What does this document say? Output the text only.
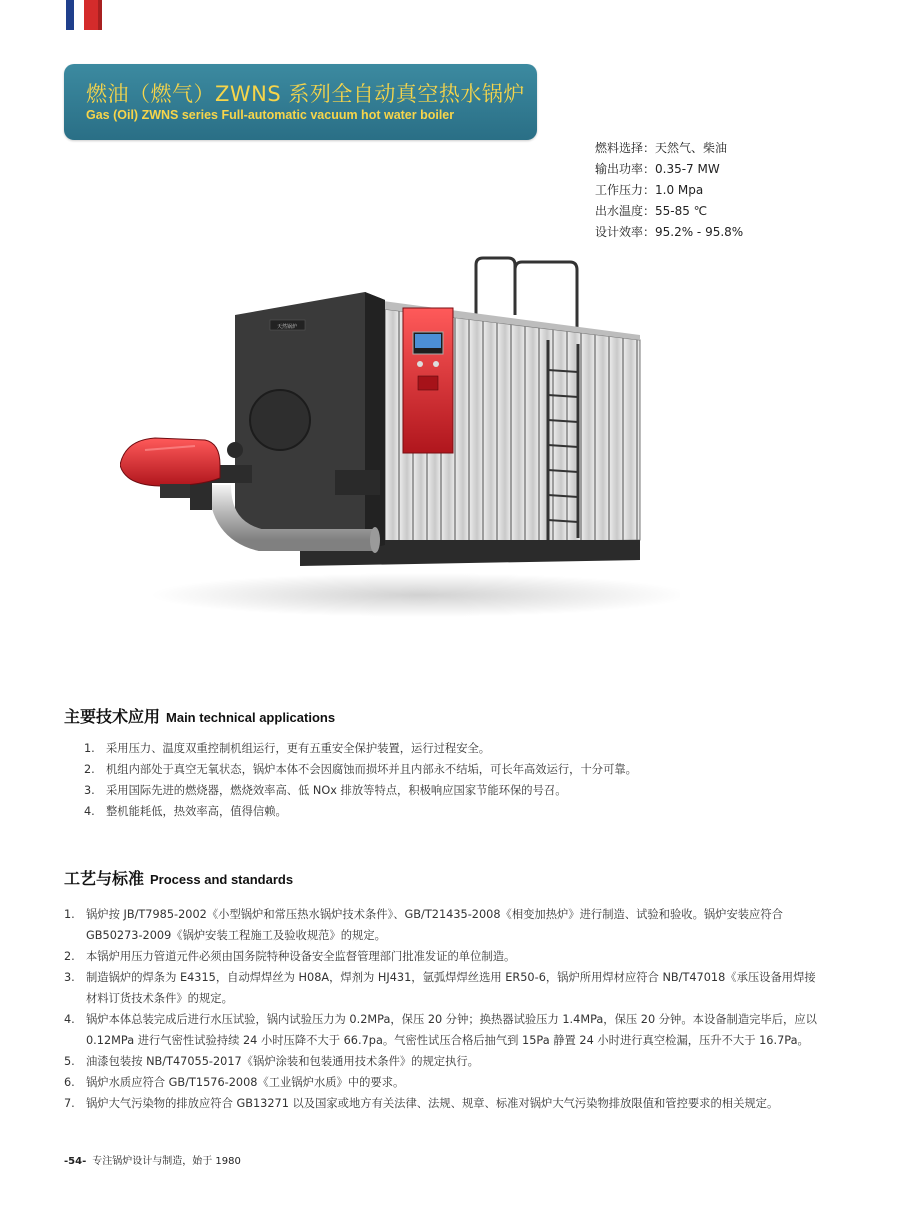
燃油（燃气）ZWNS 系列全自动真空热水锅炉
Gas (Oil) ZWNS series Full-automatic vacuum hot water boiler
燃料选择：天然气、柴油
输出功率：0.35-7 MW
工作压力：1.0 Mpa
出水温度：55-85 ℃
设计效率：95.2% - 95.8%
天然锅炉
主要技术应用 Main technical applications
1. 采用压力、温度双重控制机组运行，更有五重安全保护装置，运行过程安全。
2. 机组内部处于真空无氧状态，锅炉本体不会因腐蚀而损坏并且内部永不结垢，可长年高效运行，十分可靠。
3. 采用国际先进的燃烧器，燃烧效率高、低 NOx 排放等特点，积极响应国家节能环保的号召。
4. 整机能耗低，热效率高，值得信赖。
工艺与标准 Process and standards
1. 锅炉按 JB/T7985-2002《小型锅炉和常压热水锅炉技术条件》、GB/T21435-2008《相变加热炉》进行制造、试验和验收。锅炉安装应符合 GB50273-2009《锅炉安装工程施工及验收规范》的规定。
2. 本锅炉用压力管道元件必须由国务院特种设备安全监督管理部门批准发证的单位制造。
3. 制造锅炉的焊条为 E4315，自动焊焊丝为 H08A，焊剂为 HJ431，氩弧焊焊丝选用 ER50-6，锅炉所用焊材应符合 NB/T47018《承压设备用焊接材料订货技术条件》的规定。
4. 锅炉本体总装完成后进行水压试验，锅内试验压力为 0.2MPa，保压 20 分钟；换热器试验压力 1.4MPa，保压 20 分钟。本设备制造完毕后，应以 0.12MPa 进行气密性试验持续 24 小时压降不大于 66.7pa。气密性试压合格后抽气到 15Pa 静置 24 小时进行真空检漏，压升不大于 16.7Pa。
5. 油漆包装按 NB/T47055-2017《锅炉涂装和包装通用技术条件》的规定执行。
6. 锅炉水质应符合 GB/T1576-2008《工业锅炉水质》中的要求。
7. 锅炉大气污染物的排放应符合 GB13271 以及国家或地方有关法律、法规、规章、标准对锅炉大气污染物排放限值和管控要求的相关规定。
-54- 专注锅炉设计与制造，始于 1980
